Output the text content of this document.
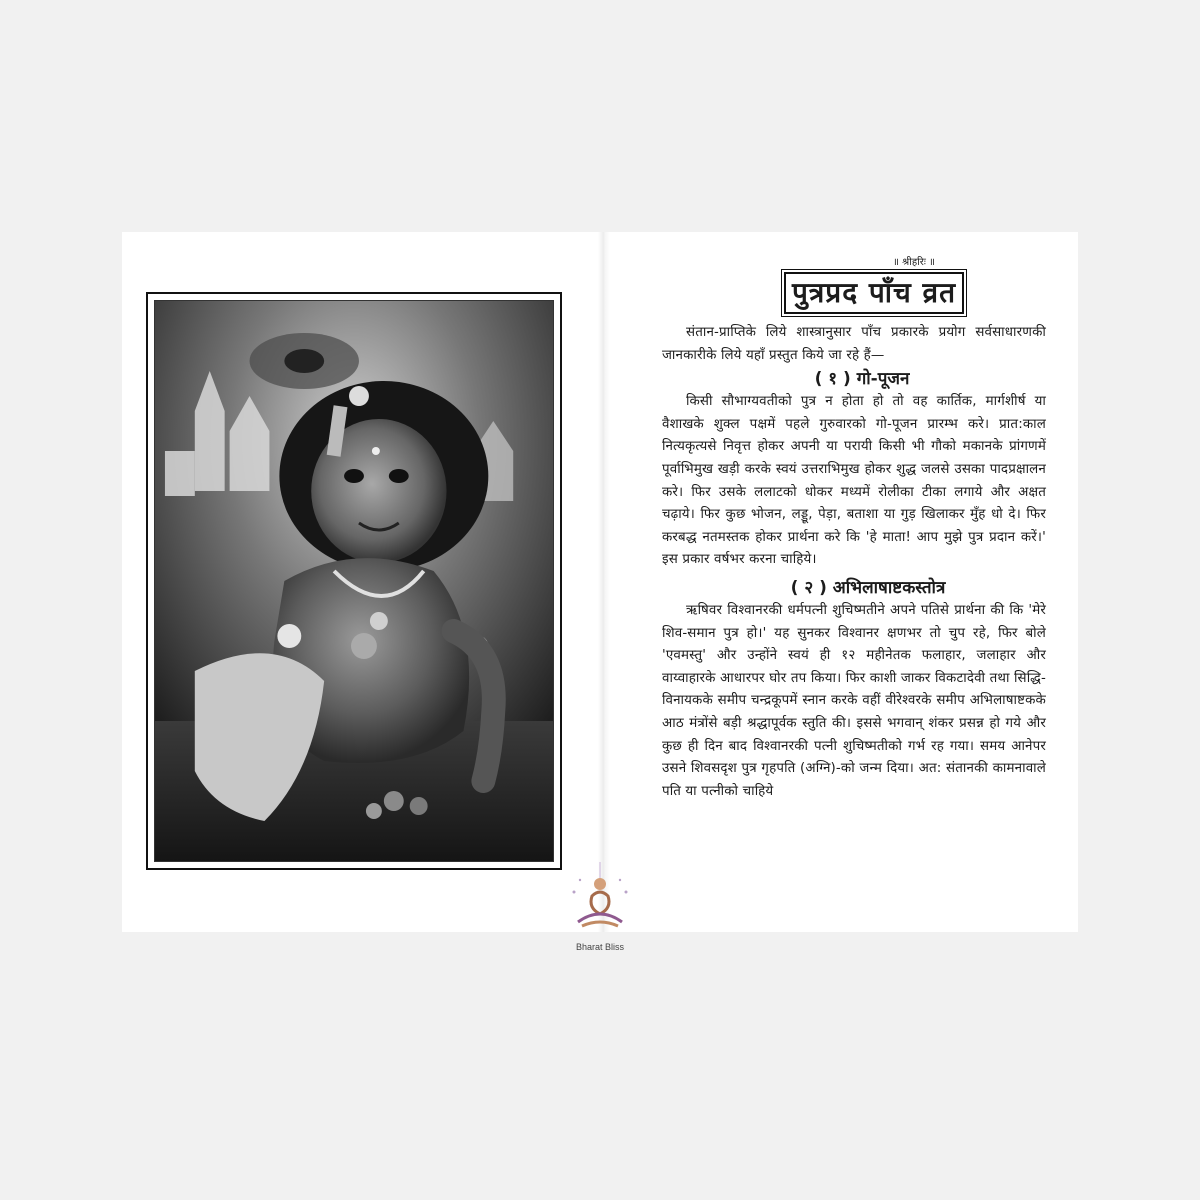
॥ श्रीहरिः ॥
पुत्रप्रद पाँच व्रत

संतान-प्राप्तिके लिये शास्त्रानुसार पाँच प्रकारके प्रयोग सर्वसाधारणकी जानकारीके लिये यहाँ प्रस्तुत किये जा रहे हैं—

( १ ) गो-पूजन

किसी सौभाग्यवतीको पुत्र न होता हो तो वह कार्तिक, मार्गशीर्ष या वैशाखके शुक्ल पक्षमें पहले गुरुवारको गो-पूजन प्रारम्भ करे। प्रात:काल नित्यकृत्यसे निवृत्त होकर अपनी या परायी किसी भी गौको मकानके प्रांगणमें पूर्वाभिमुख खड़ी करके स्वयं उत्तराभिमुख होकर शुद्ध जलसे उसका पादप्रक्षालन करे। फिर उसके ललाटको धोकर मध्यमें रोलीका टीका लगाये और अक्षत चढ़ाये। फिर कुछ भोजन, लड्डू, पेड़ा, बताशा या गुड़ खिलाकर मुँह धो दे। फिर करबद्ध नतमस्तक होकर प्रार्थना करे कि 'हे माता! आप मुझे पुत्र प्रदान करें।' इस प्रकार वर्षभर करना चाहिये।

( २ ) अभिलाषाष्टकस्तोत्र

ऋषिवर विश्वानरकी धर्मपत्नी शुचिष्मतीने अपने पतिसे प्रार्थना की कि 'मेरे शिव-समान पुत्र हो।' यह सुनकर विश्वानर क्षणभर तो चुप रहे, फिर बोले 'एवमस्तु' और उन्होंने स्वयं ही १२ महीनेतक फलाहार, जलाहार और वाय्वाहारके आधारपर घोर तप किया। फिर काशी जाकर विकटादेवी तथा सिद्धि-विनायकके समीप चन्द्रकूपमें स्नान करके वहीं वीरेश्वरके समीप अभिलाषाष्टकके आठ मंत्रोंसे बड़ी श्रद्धापूर्वक स्तुति की। इससे भगवान् शंकर प्रसन्न हो गये और कुछ ही दिन बाद विश्वानरकी पत्नी शुचिष्मतीको गर्भ रह गया। समय आनेपर उसने शिवसदृश पुत्र गृहपति (अग्नि)-को जन्म दिया। अत: संतानकी कामनावाले पति या पत्नीको चाहिये

Bharat Bliss
